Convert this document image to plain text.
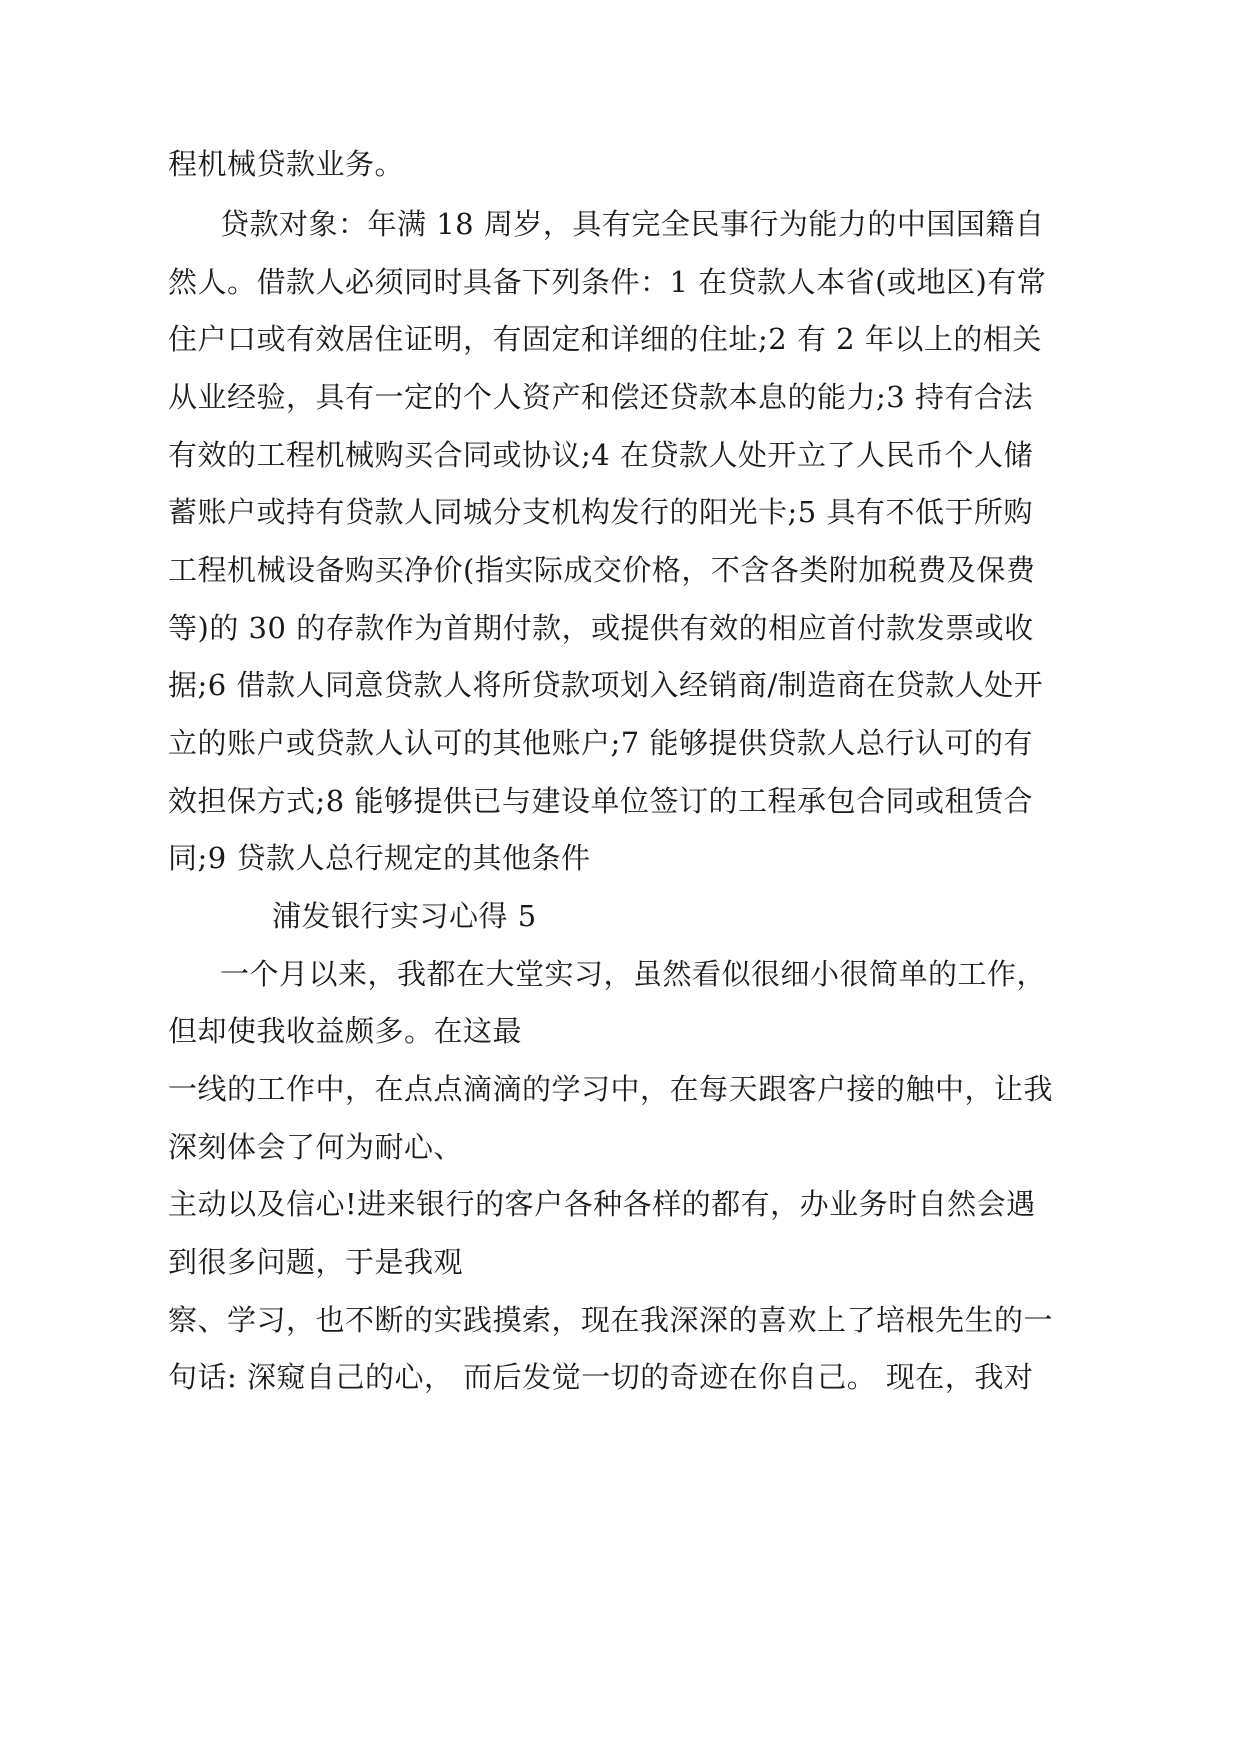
程机械贷款业务。
贷款对象：年满 18 周岁，具有完全民事行为能力的中国国籍自
然人。借款人必须同时具备下列条件：1 在贷款人本省(或地区)有常
住户口或有效居住证明，有固定和详细的住址;2 有 2 年以上的相关
从业经验，具有一定的个人资产和偿还贷款本息的能力;3 持有合法
有效的工程机械购买合同或协议;4 在贷款人处开立了人民币个人储
蓄账户或持有贷款人同城分支机构发行的阳光卡;5 具有不低于所购
工程机械设备购买净价(指实际成交价格，不含各类附加税费及保费
等)的 30 的存款作为首期付款，或提供有效的相应首付款发票或收
据;6 借款人同意贷款人将所贷款项划入经销商/制造商在贷款人处开
立的账户或贷款人认可的其他账户;7 能够提供贷款人总行认可的有
效担保方式;8 能够提供已与建设单位签订的工程承包合同或租赁合
同;9 贷款人总行规定的其他条件
浦发银行实习心得 5
一个月以来，我都在大堂实习，虽然看似很细小很简单的工作，
但却使我收益颇多。在这最
一线的工作中，在点点滴滴的学习中，在每天跟客户接的触中，让我
深刻体会了何为耐心、
主动以及信心!进来银行的客户各种各样的都有，办业务时自然会遇
到很多问题，于是我观
察、学习，也不断的实践摸索，现在我深深的喜欢上了培根先生的一
句话: 深窥自己的心， 而后发觉一切的奇迹在你自己。 现在，我对
